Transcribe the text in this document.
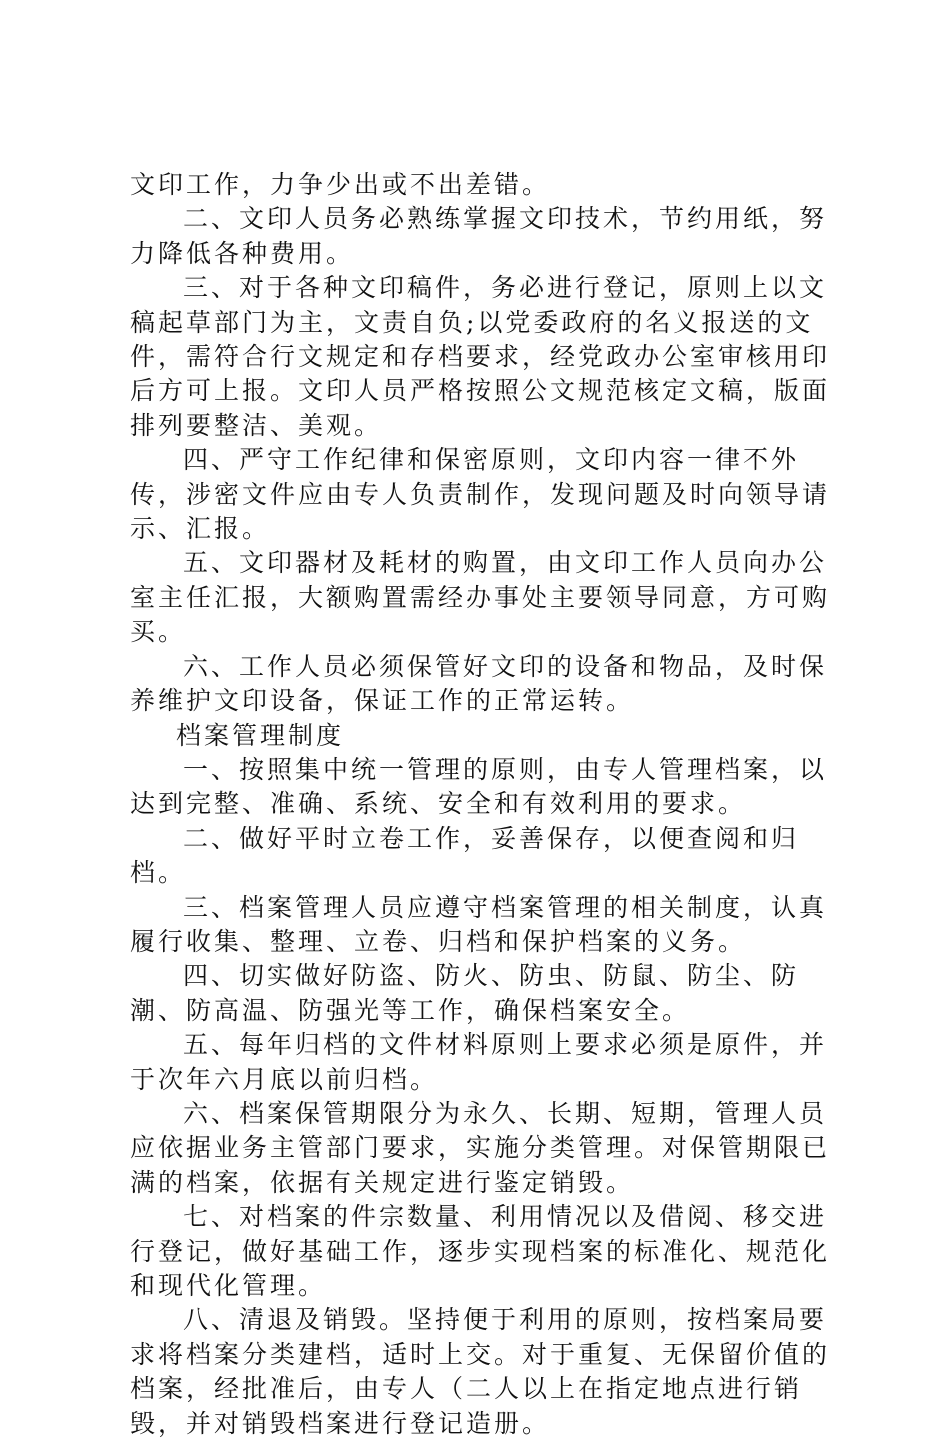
文印工作，力争少出或不出差错。

二、文印人员务必熟练掌握文印技术，节约用纸，努力降低各种费用。

三、对于各种文印稿件，务必进行登记，原则上以文稿起草部门为主，文责自负;以党委政府的名义报送的文件，需符合行文规定和存档要求，经党政办公室审核用印后方可上报。文印人员严格按照公文规范核定文稿，版面排列要整洁、美观。

四、严守工作纪律和保密原则，文印内容一律不外传，涉密文件应由专人负责制作，发现问题及时向领导请示、汇报。

五、文印器材及耗材的购置，由文印工作人员向办公室主任汇报，大额购置需经办事处主要领导同意，方可购买。

六、工作人员必须保管好文印的设备和物品，及时保养维护文印设备，保证工作的正常运转。

档案管理制度

一、按照集中统一管理的原则，由专人管理档案，以达到完整、准确、系统、安全和有效利用的要求。

二、做好平时立卷工作，妥善保存，以便查阅和归档。

三、档案管理人员应遵守档案管理的相关制度，认真履行收集、整理、立卷、归档和保护档案的义务。

四、切实做好防盗、防火、防虫、防鼠、防尘、防潮、防高温、防强光等工作，确保档案安全。

五、每年归档的文件材料原则上要求必须是原件，并于次年六月底以前归档。

六、档案保管期限分为永久、长期、短期，管理人员应依据业务主管部门要求，实施分类管理。对保管期限已满的档案，依据有关规定进行鉴定销毁。

七、对档案的件宗数量、利用情况以及借阅、移交进行登记，做好基础工作，逐步实现档案的标准化、规范化和现代化管理。

八、清退及销毁。坚持便于利用的原则，按档案局要求将档案分类建档，适时上交。对于重复、无保留价值的档案，经批准后，由专人（二人以上在指定地点进行销毁，并对销毁档案进行登记造册。
